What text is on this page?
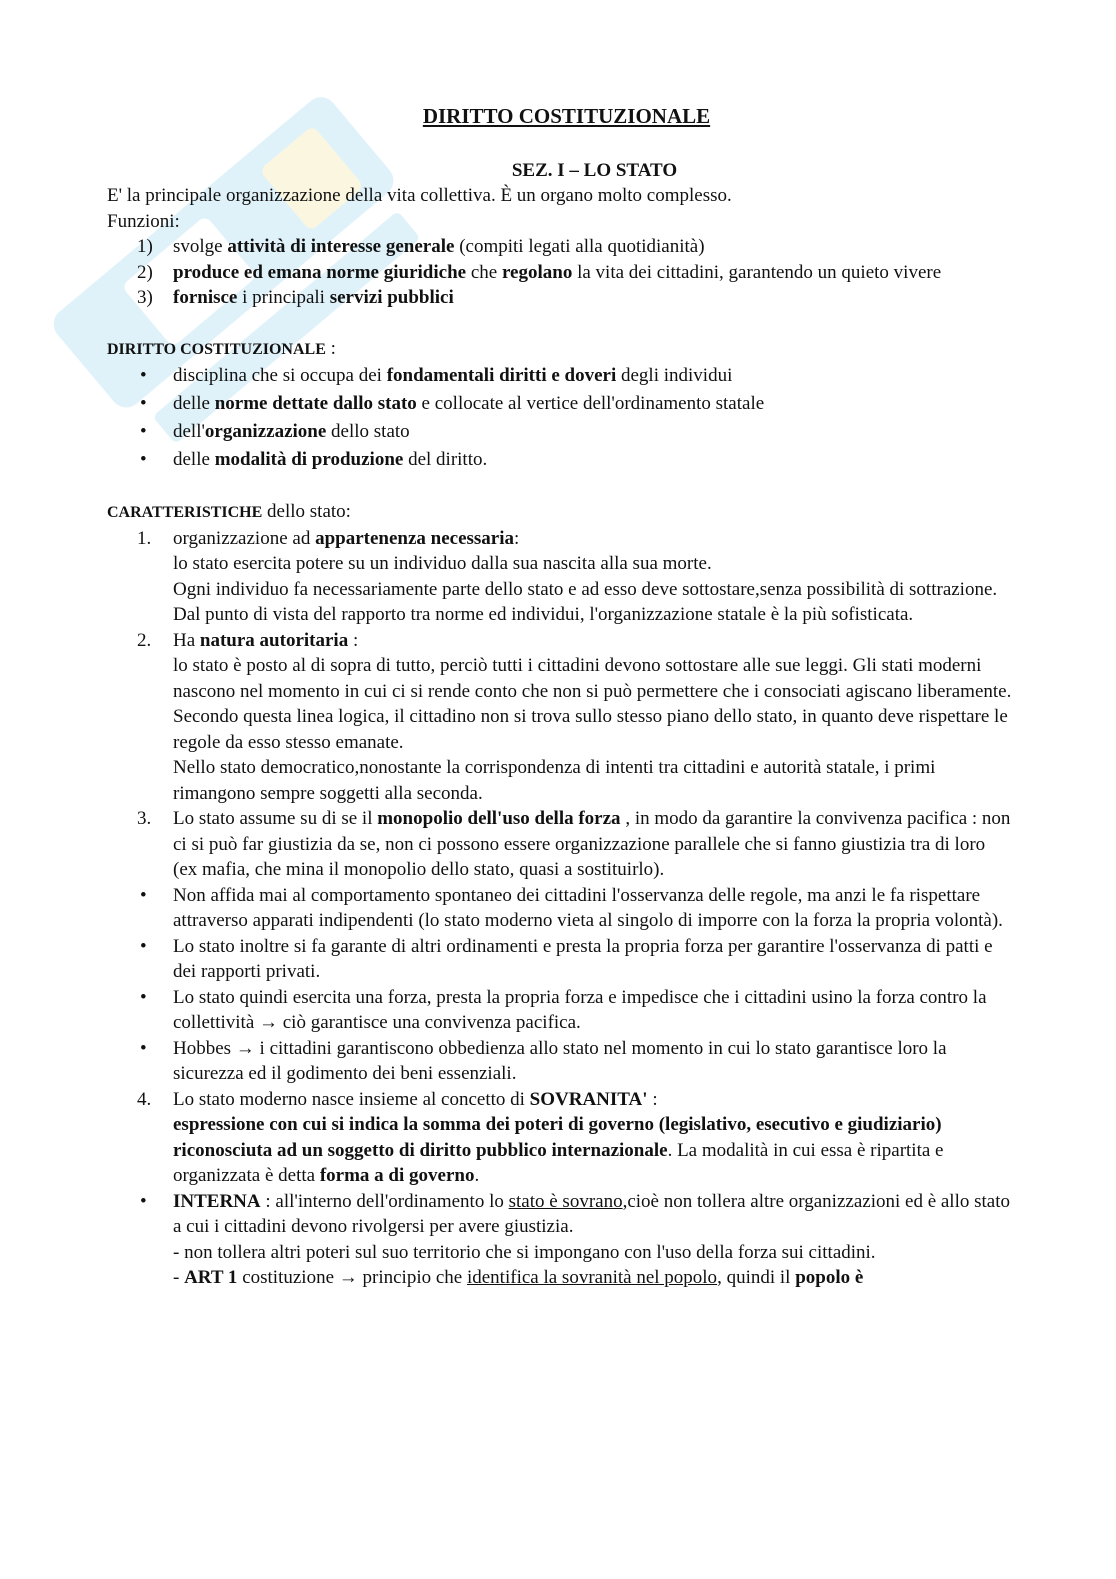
DIRITTO COSTITUZIONALE
SEZ. I – LO STATO

E' la principale organizzazione della vita collettiva. È un organo molto complesso.

Funzioni:

1)	svolge attività di interesse generale (compiti legati alla quotidianità)
2)	produce ed emana norme giuridiche che regolano la vita dei cittadini, garantendo un quieto vivere
3)	fornisce i principali servizi pubblici

DIRITTO COSTITUZIONALE :

•	disciplina che si occupa dei fondamentali diritti e doveri degli individui
•	delle norme dettate dallo stato e collocate al vertice dell'ordinamento statale
•	dell'organizzazione dello stato
•	delle modalità di produzione del diritto.

CARATTERISTICHE dello stato:

1.	organizzazione ad appartenenza necessaria:
lo stato esercita potere su un individuo dalla sua nascita alla sua morte.
Ogni individuo fa necessariamente parte dello stato e ad esso deve sottostare,senza possibilità di sottrazione.
Dal punto di vista del rapporto tra norme ed individui, l'organizzazione statale è la più sofisticata.
2.	Ha natura autoritaria :
lo stato è posto al di sopra di tutto, perciò tutti i cittadini devono sottostare alle sue leggi. Gli stati moderni nascono nel momento in cui ci si rende conto che non si può permettere che i consociati agiscano liberamente.
Secondo questa linea logica, il cittadino non si trova sullo stesso piano dello stato, in quanto deve rispettare le regole da esso stesso emanate.
Nello stato democratico,nonostante la corrispondenza di intenti tra cittadini e autorità statale, i primi rimangono sempre soggetti alla seconda.
3.	Lo stato assume su di se il monopolio dell'uso della forza , in modo da garantire la convivenza pacifica : non ci si può far giustizia da se, non ci possono essere organizzazione parallele che si fanno giustizia tra di loro (ex mafia, che mina il monopolio dello stato, quasi a sostituirlo).
•	Non affida mai al comportamento spontaneo dei cittadini l'osservanza delle regole, ma anzi le fa rispettare attraverso apparati indipendenti (lo stato moderno vieta al singolo di imporre con la forza la propria volontà).
•	Lo stato inoltre si fa garante di altri ordinamenti e presta la propria forza per garantire l'osservanza di patti e dei rapporti privati.
•	Lo stato quindi esercita una forza, presta la propria forza e impedisce che i cittadini usino la forza contro la collettività → ciò garantisce una convivenza pacifica.
•	Hobbes → i cittadini garantiscono obbedienza allo stato nel momento in cui lo stato garantisce loro la sicurezza ed il godimento dei beni essenziali.
4.	Lo stato moderno nasce insieme al concetto di SOVRANITA' :
espressione con cui si indica la somma dei poteri di governo (legislativo, esecutivo e giudiziario) riconosciuta ad un soggetto di diritto pubblico internazionale. La modalità in cui essa è ripartita e organizzata è detta forma a di governo.
•	INTERNA : all'interno dell'ordinamento lo stato è sovrano,cioè non tollera altre organizzazioni ed è allo stato a cui i cittadini devono rivolgersi per avere giustizia.
- non tollera altri poteri sul suo territorio che si impongano con l'uso della forza sui cittadini.
- ART 1 costituzione → principio che identifica la sovranità nel popolo, quindi il popolo è
